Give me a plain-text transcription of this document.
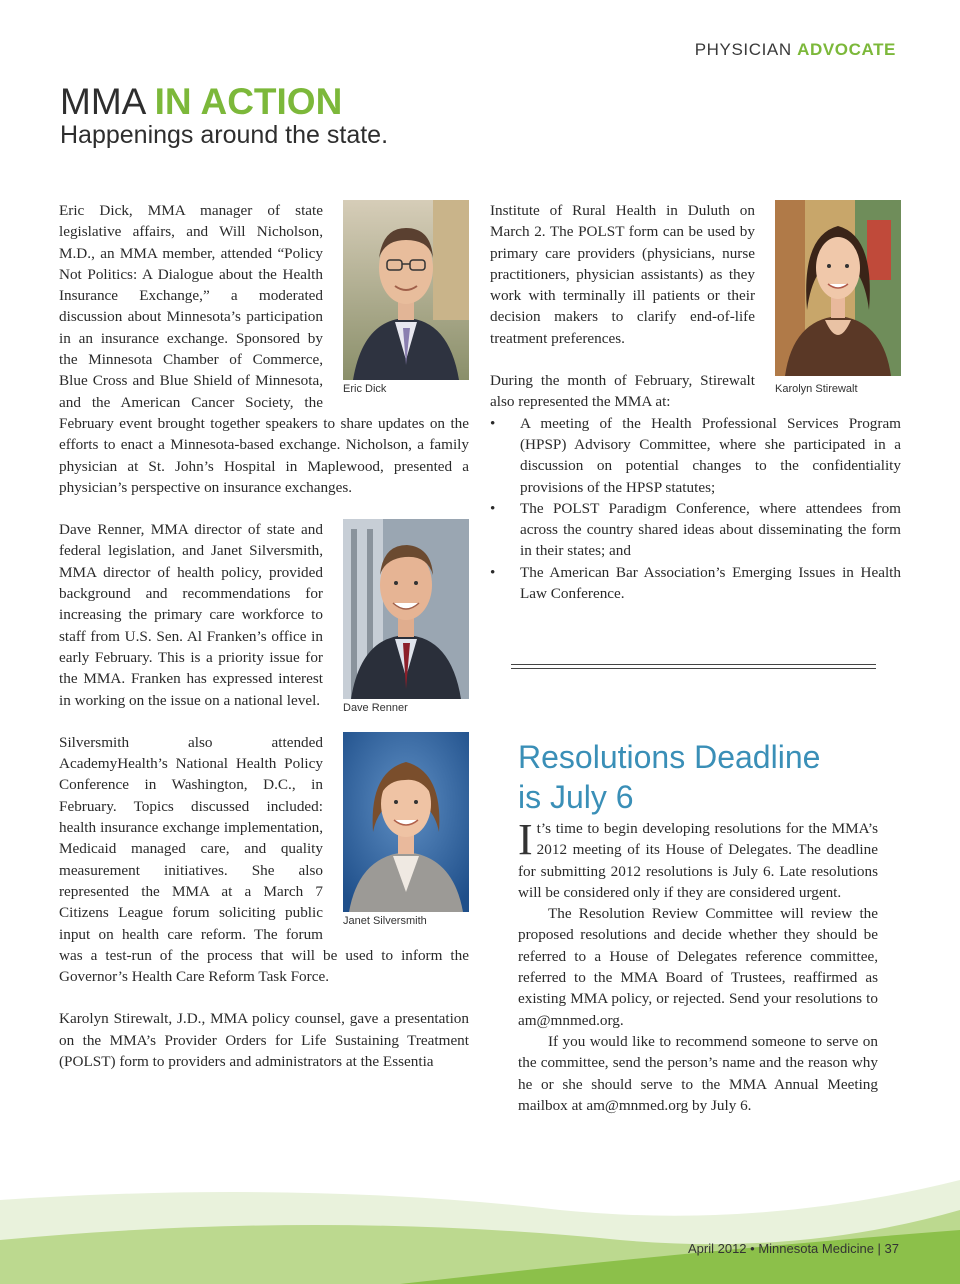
PHYSICIAN ADVOCATE
MMA IN ACTION
Happenings around the state.
Eric Dick

Eric Dick, MMA manager of state legislative affairs, and Will Nicholson, M.D., an MMA member, attended “Policy Not Politics: A Dialogue about the Health Insurance Exchange,” a moderated discussion about Minnesota’s participation in an insurance exchange. Sponsored by the Minnesota Chamber of Commerce, Blue Cross and Blue Shield of Minnesota, and the American Cancer Society, the February event brought together speakers to share updates on the efforts to enact a Minnesota-based exchange. Nicholson, a family physician at St. John’s Hospital in Maplewood, presented a physician’s perspective on insurance exchanges.

Dave Renner

Dave Renner, MMA director of state and federal legislation, and Janet Silversmith, MMA director of health policy, provided background and recommendations for increasing the primary care workforce to staff from U.S. Sen. Al Franken’s office in early February. This is a priority issue for the MMA. Franken has expressed interest in working on the issue on a national level.

Janet Silversmith

Silversmith also attended AcademyHealth’s National Health Policy Conference in Washington, D.C., in February. Topics discussed included: health insurance exchange implementation, Medicaid managed care, and quality measurement initiatives. She also represented the MMA at a March 7 Citizens League forum soliciting public input on health care reform. The forum was a test-run of the process that will be used to inform the Governor’s Health Care Reform Task Force.

Karolyn Stirewalt, J.D., MMA policy counsel, gave a presentation on the MMA’s Provider Orders for Life Sustaining Treatment (POLST) form to providers and administrators at the Essentia

Karolyn Stirewalt

Institute of Rural Health in Duluth on March 2. The POLST form can be used by primary care providers (physicians, nurse practitioners, physician assistants) as they work with terminally ill patients or their decision makers to clarify end-of-life treatment preferences.

During the month of February, Stirewalt also represented the MMA at:

• A meeting of the Health Professional Services Program (HPSP) Advisory Committee, where she participated in a discussion on potential changes to the confidentiality provisions of the HPSP statutes;
• The POLST Paradigm Conference, where attendees from across the country shared ideas about disseminating the form in their states; and
• The American Bar Association’s Emerging Issues in Health Law Conference.
Resolutions Deadline
is July 6

It’s time to begin developing resolutions for the MMA’s 2012 meeting of its House of Delegates. The deadline for submitting 2012 resolutions is July 6. Late resolutions will be considered only if they are considered urgent.

The Resolution Review Committee will review the proposed resolutions and decide whether they should be referred to a House of Delegates reference committee, referred to the MMA Board of Trustees, reaffirmed as existing MMA policy, or rejected. Send your resolutions to am@mnmed.org.

If you would like to recommend someone to serve on the committee, send the person’s name and the reason why he or she should serve to the MMA Annual Meeting mailbox at am@mnmed.org by July 6.

April 2012 • Minnesota Medicine | 37
